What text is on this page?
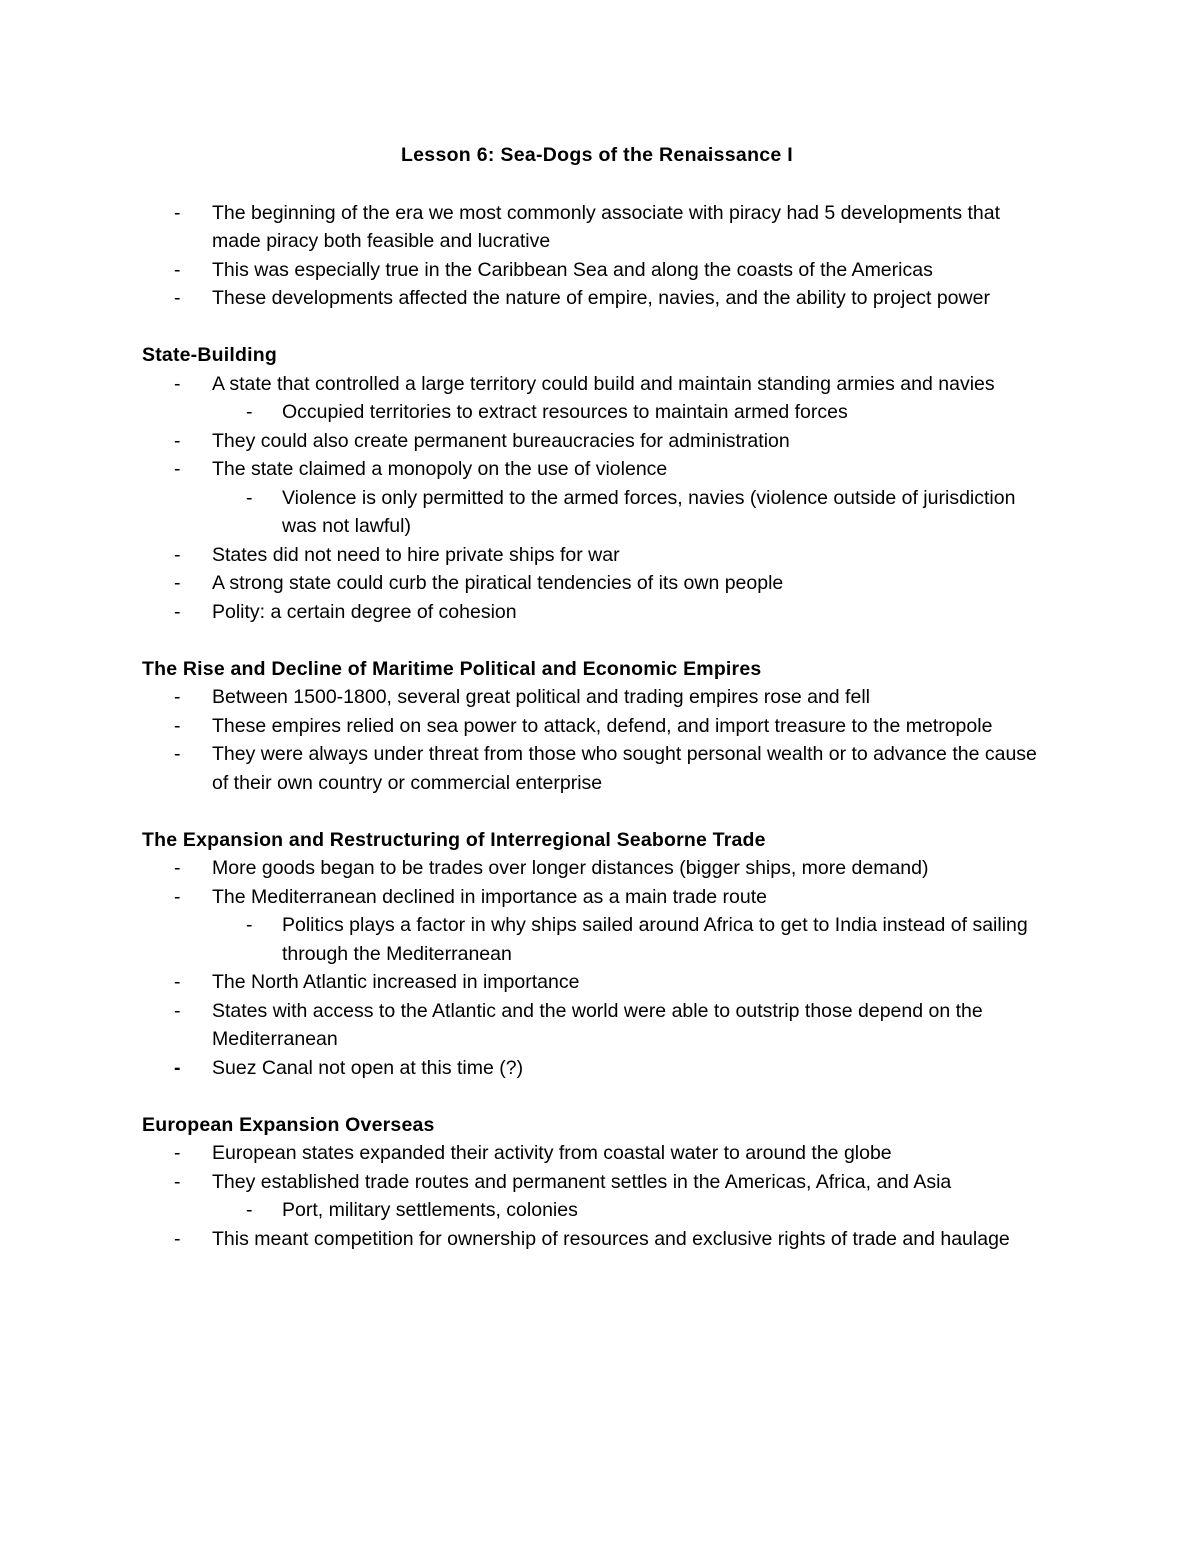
Lesson 6: Sea-Dogs of the Renaissance I
- The beginning of the era we most commonly associate with piracy had 5 developments that made piracy both feasible and lucrative
- This was especially true in the Caribbean Sea and along the coasts of the Americas
- These developments affected the nature of empire, navies, and the ability to project power
State-Building
- A state that controlled a large territory could build and maintain standing armies and navies
- Occupied territories to extract resources to maintain armed forces
- They could also create permanent bureaucracies for administration
- The state claimed a monopoly on the use of violence
- Violence is only permitted to the armed forces, navies (violence outside of jurisdiction was not lawful)
- States did not need to hire private ships for war
- A strong state could curb the piratical tendencies of its own people
- Polity: a certain degree of cohesion
The Rise and Decline of Maritime Political and Economic Empires
- Between 1500-1800, several great political and trading empires rose and fell
- These empires relied on sea power to attack, defend, and import treasure to the metropole
- They were always under threat from those who sought personal wealth or to advance the cause of their own country or commercial enterprise
The Expansion and Restructuring of Interregional Seaborne Trade
- More goods began to be trades over longer distances (bigger ships, more demand)
- The Mediterranean declined in importance as a main trade route
- Politics plays a factor in why ships sailed around Africa to get to India instead of sailing through the Mediterranean
- The North Atlantic increased in importance
- States with access to the Atlantic and the world were able to outstrip those depend on the Mediterranean
- Suez Canal not open at this time (?)
European Expansion Overseas
- European states expanded their activity from coastal water to around the globe
- They established trade routes and permanent settles in the Americas, Africa, and Asia
- Port, military settlements, colonies
- This meant competition for ownership of resources and exclusive rights of trade and haulage
